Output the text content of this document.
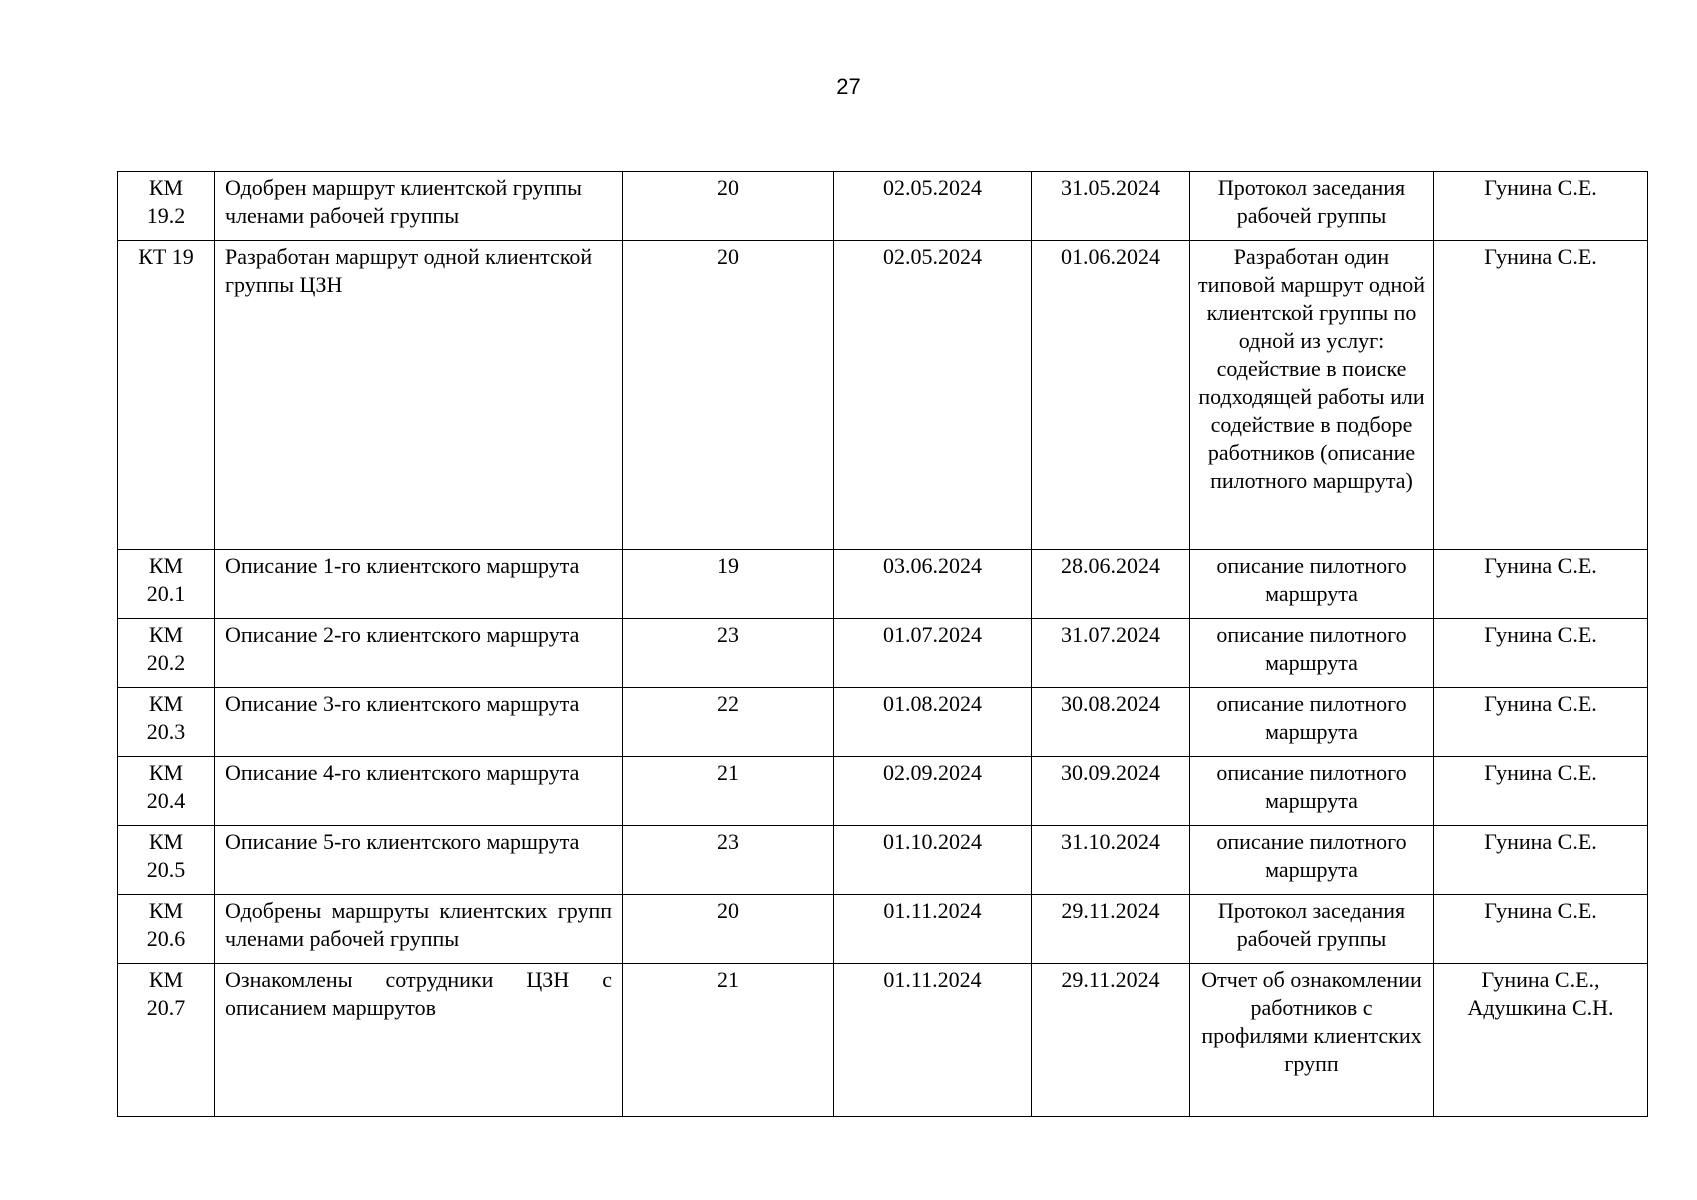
27
КМ 19.2	Одобрен маршрут клиентской группы членами рабочей группы	20	02.05.2024	31.05.2024	Протокол заседания рабочей группы	Гунина С.Е.
КТ 19	Разработан маршрут одной клиентской группы ЦЗН	20	02.05.2024	01.06.2024	Разработан один типовой маршрут одной клиентской группы по одной из услуг: содействие в поиске подходящей работы или содействие в подборе работников (описание пилотного маршрута)	Гунина С.Е.
КМ 20.1	Описание 1-го клиентского маршрута	19	03.06.2024	28.06.2024	описание пилотного маршрута	Гунина С.Е.
КМ 20.2	Описание 2-го клиентского маршрута	23	01.07.2024	31.07.2024	описание пилотного маршрута	Гунина С.Е.
КМ 20.3	Описание 3-го клиентского маршрута	22	01.08.2024	30.08.2024	описание пилотного маршрута	Гунина С.Е.
КМ 20.4	Описание 4-го клиентского маршрута	21	02.09.2024	30.09.2024	описание пилотного маршрута	Гунина С.Е.
КМ 20.5	Описание 5-го клиентского маршрута	23	01.10.2024	31.10.2024	описание пилотного маршрута	Гунина С.Е.
КМ 20.6	Одобрены маршруты клиентских групп членами рабочей группы	20	01.11.2024	29.11.2024	Протокол заседания рабочей группы	Гунина С.Е.
КМ 20.7	Ознакомлены сотрудники ЦЗН с описанием маршрутов	21	01.11.2024	29.11.2024	Отчет об ознакомлении работников с профилями клиентских групп	Гунина С.Е., Адушкина С.Н.
